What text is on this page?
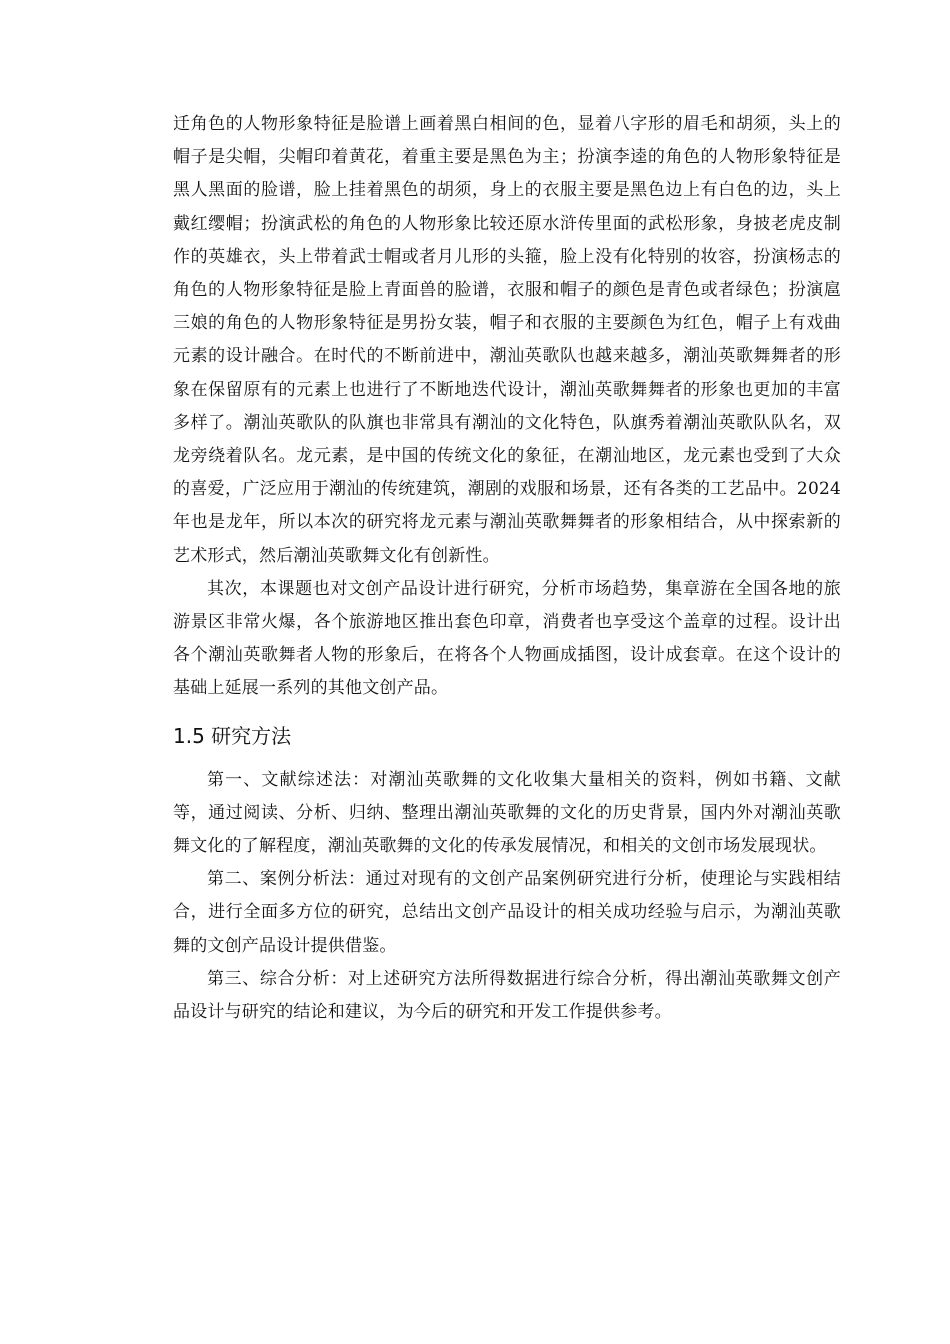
迁角色的人物形象特征是脸谱上画着黑白相间的色，显着八字形的眉毛和胡须，头上的帽子是尖帽，尖帽印着黄花，着重主要是黑色为主；扮演李逵的角色的人物形象特征是黑人黑面的脸谱，脸上挂着黑色的胡须，身上的衣服主要是黑色边上有白色的边，头上戴红缨帽；扮演武松的角色的人物形象比较还原水浒传里面的武松形象，身披老虎皮制作的英雄衣，头上带着武士帽或者月儿形的头箍，脸上没有化特别的妆容，扮演杨志的角色的人物形象特征是脸上青面兽的脸谱，衣服和帽子的颜色是青色或者绿色；扮演扈三娘的角色的人物形象特征是男扮女装，帽子和衣服的主要颜色为红色，帽子上有戏曲元素的设计融合。在时代的不断前进中，潮汕英歌队也越来越多，潮汕英歌舞舞者的形象在保留原有的元素上也进行了不断地迭代设计，潮汕英歌舞舞者的形象也更加的丰富多样了。潮汕英歌队的队旗也非常具有潮汕的文化特色，队旗秀着潮汕英歌队队名，双龙旁绕着队名。龙元素，是中国的传统文化的象征，在潮汕地区，龙元素也受到了大众的喜爱，广泛应用于潮汕的传统建筑，潮剧的戏服和场景，还有各类的工艺品中。2024年也是龙年，所以本次的研究将龙元素与潮汕英歌舞舞者的形象相结合，从中探索新的艺术形式，然后潮汕英歌舞文化有创新性。

其次，本课题也对文创产品设计进行研究，分析市场趋势，集章游在全国各地的旅游景区非常火爆，各个旅游地区推出套色印章，消费者也享受这个盖章的过程。设计出各个潮汕英歌舞者人物的形象后，在将各个人物画成插图，设计成套章。在这个设计的基础上延展一系列的其他文创产品。

1.5 研究方法

第一、文献综述法：对潮汕英歌舞的文化收集大量相关的资料，例如书籍、文献等，通过阅读、分析、归纳、整理出潮汕英歌舞的文化的历史背景，国内外对潮汕英歌舞文化的了解程度，潮汕英歌舞的文化的传承发展情况，和相关的文创市场发展现状。

第二、案例分析法：通过对现有的文创产品案例研究进行分析，使理论与实践相结合，进行全面多方位的研究，总结出文创产品设计的相关成功经验与启示，为潮汕英歌舞的文创产品设计提供借鉴。

第三、综合分析：对上述研究方法所得数据进行综合分析，得出潮汕英歌舞文创产品设计与研究的结论和建议，为今后的研究和开发工作提供参考。
